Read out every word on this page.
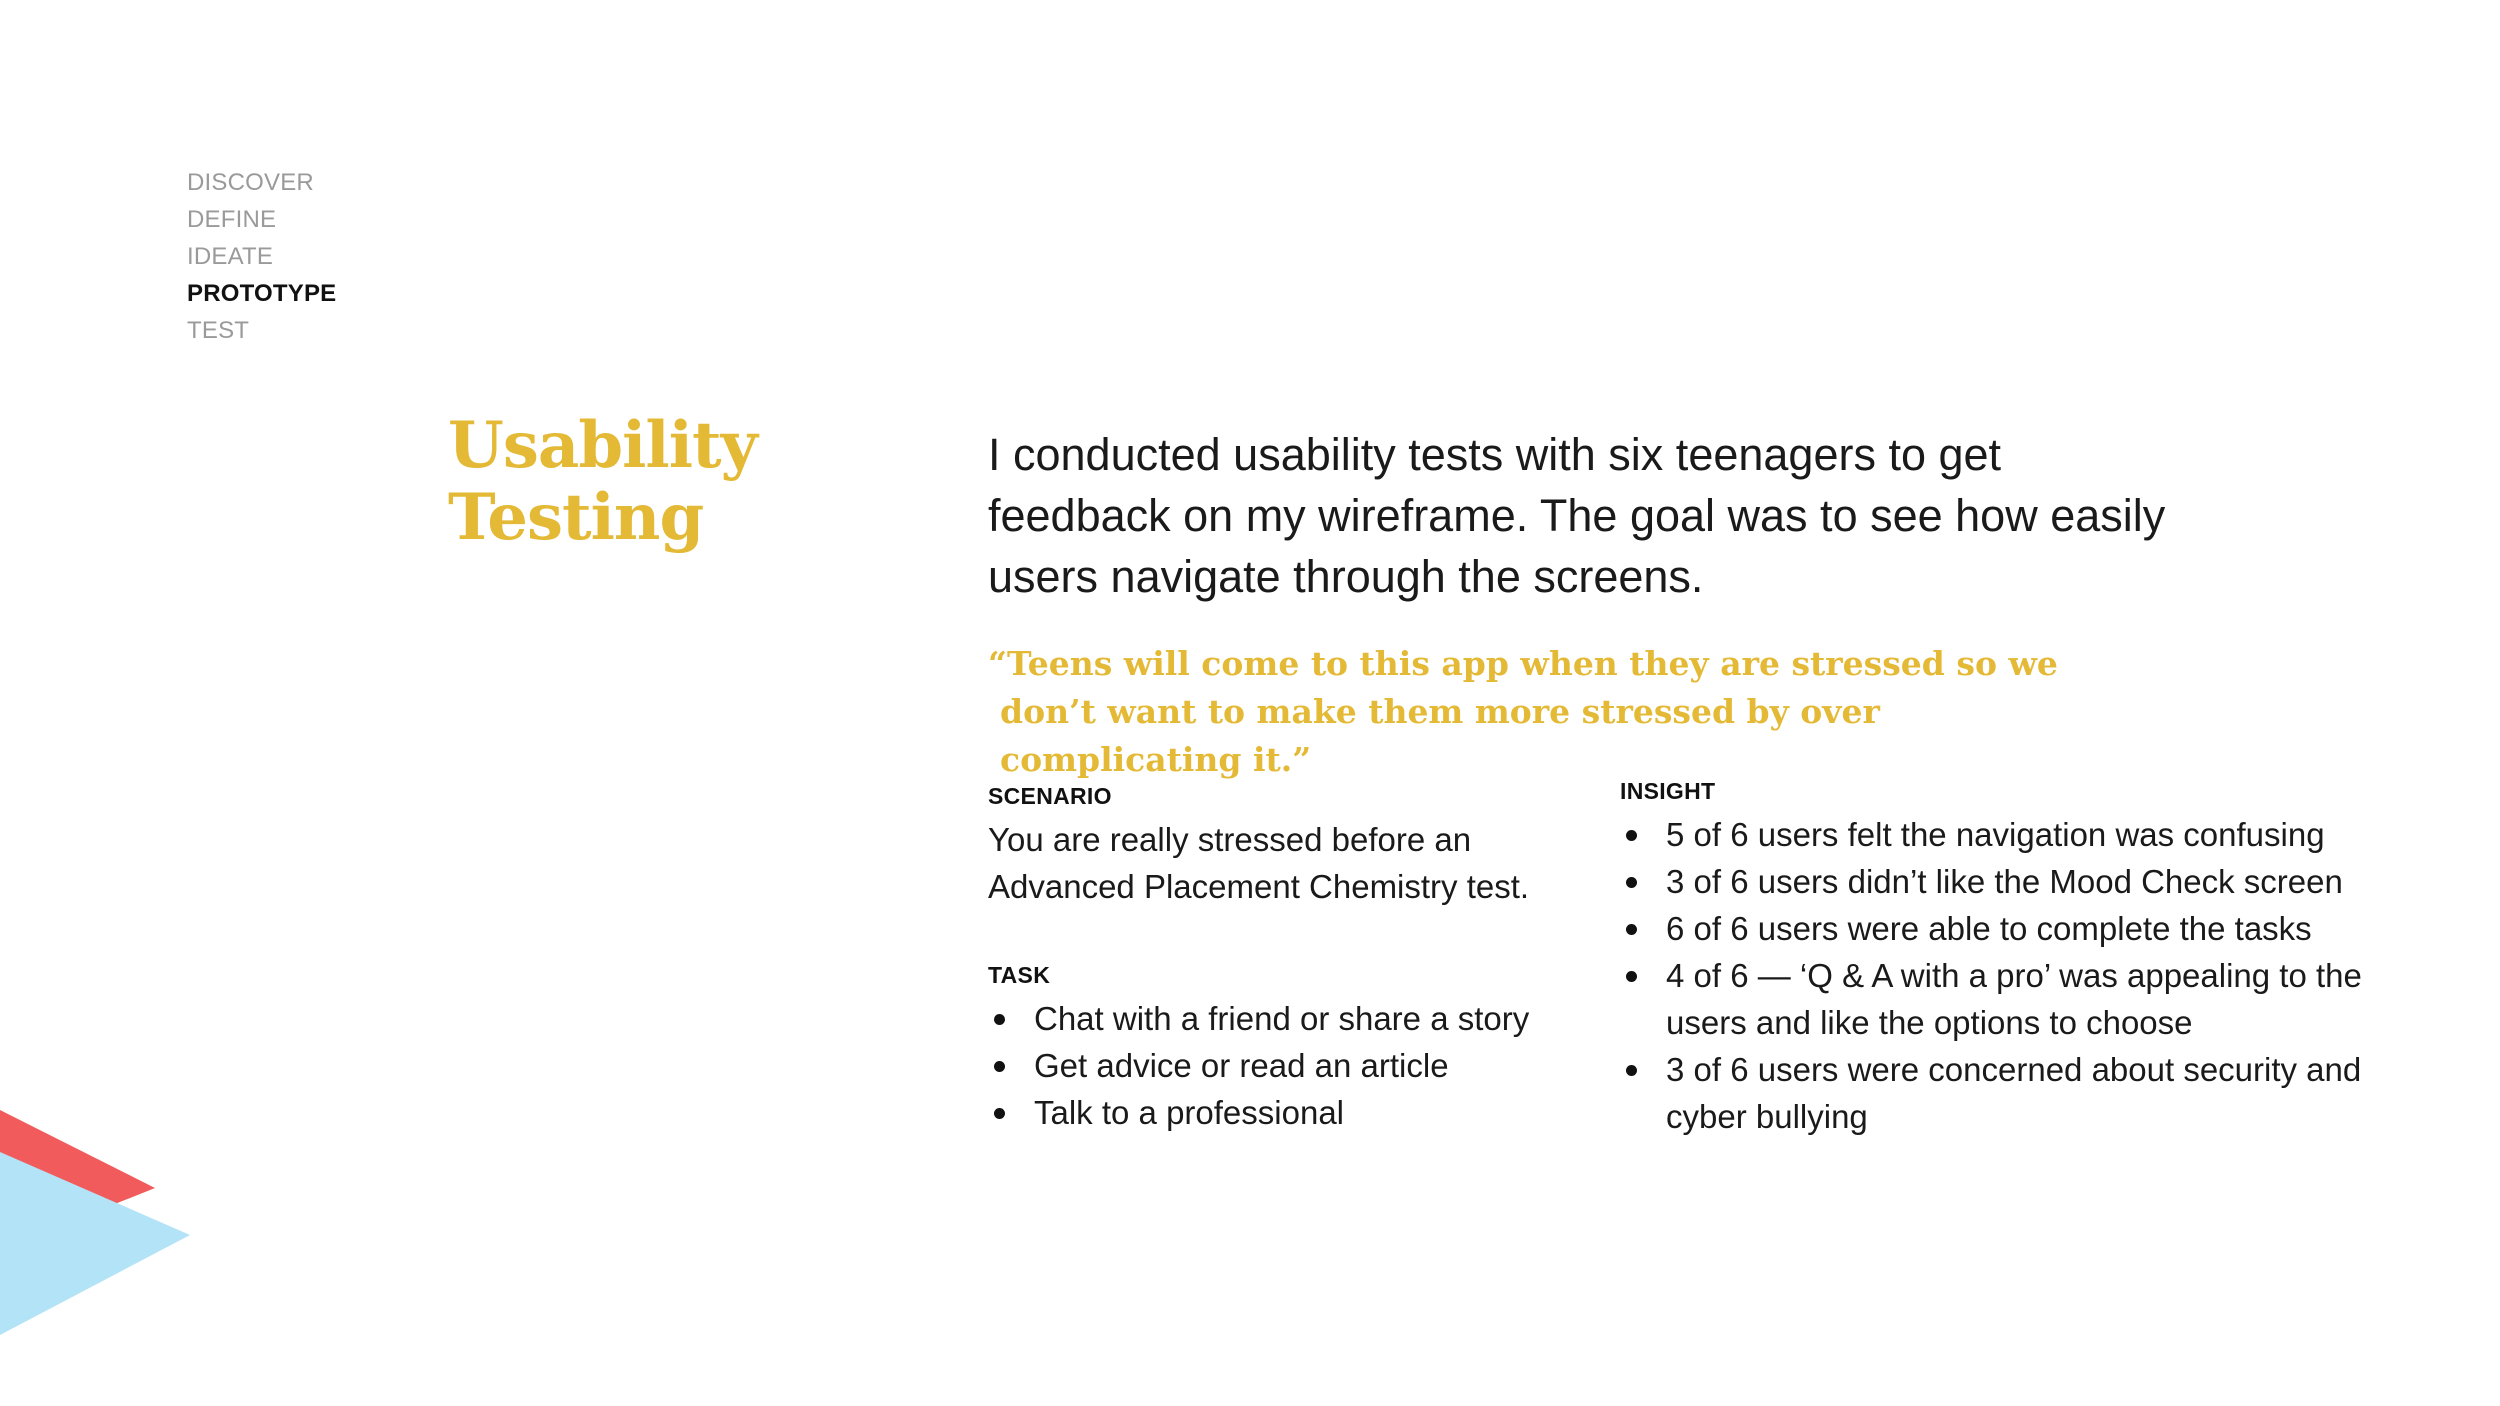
DISCOVER
DEFINE
IDEATE
PROTOTYPE
TEST
Usability
Testing

I conducted usability tests with six teenagers to get feedback on my wireframe. The goal was to see how easily users navigate through the screens.

“Teens will come to this app when they are stressed so we don’t want to make them more stressed by over complicating it.”

SCENARIO

You are really stressed before an Advanced Placement Chemistry test.

TASK
Chat with a friend or share a story
Get advice or read an article
Talk to a professional
INSIGHT
5 of 6 users felt the navigation was confusing
3 of 6 users didn’t like the Mood Check screen
6 of 6 users were able to complete the tasks
4 of 6 — ‘Q & A with a pro’ was appealing to the users and like the options to choose
3 of 6 users were concerned about security and cyber bullying
